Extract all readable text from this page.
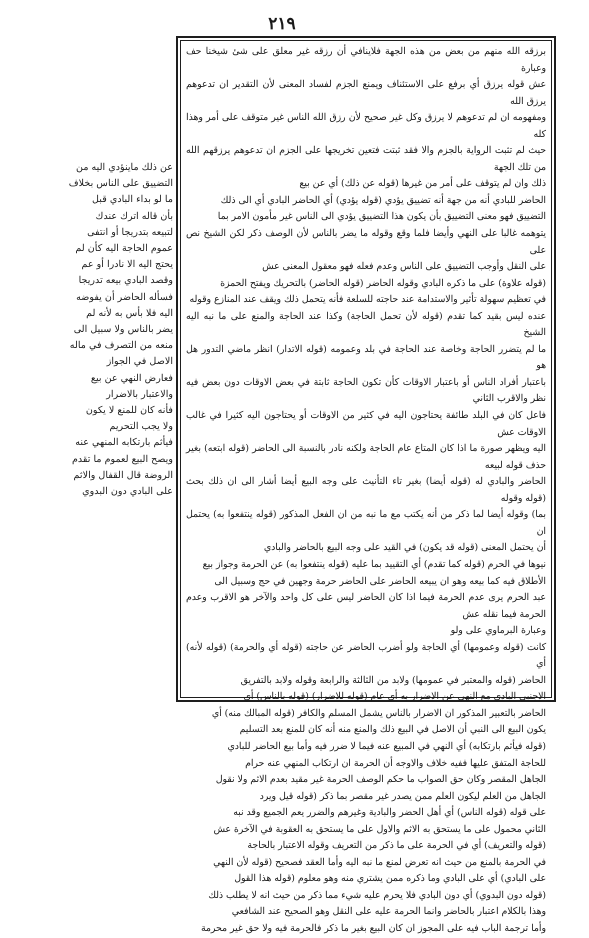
٢١٩

برزقه الله منهم من بعض من هذه الجهة فلاينافي أن رزقه غير معلق على شئ شيخنا حف وعبارة

عش قوله يرزق أي برفع على الاستئناف ويمنع الجزم لفساد المعنى لأن التقدير ان تدعوهم يرزق الله

ومفهومه ان لم تدعوهم لا يرزق وكل غير صحيح لأن رزق الله الناس غير متوقف على أمر وهذا كله

حيث لم تثبت الرواية بالجزم والا فقد ثبتت فتعين تخريجها على الجزم ان تدعوهم يرزقهم الله من تلك الجهة

ذلك وان لم يتوقف على أمر من غيرها (قوله عن ذلك) أي عن بيع

الحاضر للبادي أنه من جهة أنه تضييق يؤدي (قوله يؤدي) أي الحاضر البادي أي الى ذلك

التضييق فهو معنى التضييق بأن يكون هذا التضييق يؤدي الى الناس غير مأمون الامر بما

يتوهمه غالبا على النهي وأيضا فلما وقع وقوله ما يضر بالناس لأن الوصف ذكر لكن الشيخ نص على

على النقل وأوجب التضييق على الناس وعدم فعله فهو معقول المعنى عش

(قوله علاوة) على ما ذكره البادي وقوله الحاضر (قوله الحاضر) بالتحريك ويفتح الحمزة

في تعظيم سهولة تأثير والاستدامة عند حاجته للسلعة فأنه يتحمل ذلك ويقف عند المنازع وقوله

عنده ليس بقيد كما تقدم (قوله لأن تحمل الحاجة) وكذا عند الحاجة والمنع على ما نبه اليه الشيخ

ما لم يتضرر الحاجة وخاصة عند الحاجة في بلد وعمومه (قوله الاتدار) انظر ماضي التدور هل هو

باعتبار أفراد الناس أو باعتبار الاوقات كأن تكون الحاجة ثابتة في بعض الاوقات دون بعض فيه نظر والاقرب الثاني

فاعل كان في البلد طائفة يحتاجون اليه في كثير من الاوقات أو يحتاجون اليه كثيرا في غالب الاوقات عش

اليه ويظهر صورة ما اذا كان المتاع عام الحاجة ولكنه نادر بالنسبة الى الحاضر (قوله ابتعه) بغير حذف قوله لبيعه

الحاضر والبادي له (قوله أيضا) بغير تاء التأنيث على وجه البيع أيضا أشار الى ان ذلك بحث (قوله وقوله

بما) وقوله أيضا لما ذكر من أنه يكتب مع ما نبه من ان الفعل المذكور (قوله ينتفعوا به) يحتمل ان

أن يحتمل المعنى (قوله قد يكون) في القيد على وجه البيع بالحاضر والبادي

نيوها في الحرم (قوله كما تقدم) أي التقييد بما عليه (قوله ينتفعوا به) عن الحرمة وجواز بيع

الأطلاق فيه كما بيعه وهو ان يبيعه الحاضر على الحاضر حرمة وجهين في حج وسبيل الى

عبد الحرم يرى عدم الحرمة فيما اذا كان الحاضر ليس على كل واحد والآخر هو الاقرب وعدم الحرمة فيما نقله عش

وعبارة البرماوي على ولو

كانت (قوله وعمومها) أي الحاجة ولو أضرب الحاضر عن حاجته (قوله أي والحرمة) (قوله لأنه) أي

الحاضر (قوله والمعتبر في عمومها) ولابد من الثالثة والرابعة وقوله ولابد بالتفريق

الاجنبي البادي مع النهي عن الاضرار به أي عام (قوله للاضرار) (قوله بالناس) أي

الحاضر بالتعبير المذكور ان الاضرار بالناس يشمل المسلم والكافر (قوله المبالك منه) أي

يكون البيع الى النبي أن الاصل في البيع ذلك والمنع منه أنه كان للمنع بعد التسليم

(قوله فيأثم بارتكابه) أي النهي في المبيع عنه فيما لا ضرر فيه وأما بيع الحاضر للبادي

للحاجة المتفق عليها ففيه خلاف والاوجه أن الحرمة ان ارتكاب المنهي عنه حرام

الجاهل المقصر وكان حق الصواب ما حكم الوصف الحرمة غير مقيد بعدم الاثم ولا نقول

الجاهل من العلم ليكون العلم ممن يصدر غير مقصر بما ذكر (قوله قيل ويرد

على قوله (قوله الناس) أي أهل الحضر والبادية وغيرهم والضرر يعم الجميع وقد نبه

الثاني محمول على ما يستحق به الاثم والاول على ما يستحق به العقوبة في الآخرة عش

(قوله والتعريف) أي في الحرمة على ما ذكر من التعريف وقوله الاعتبار بالحاجة

في الحرمة بالمنع من حيث انه تعرض لمنع ما نبه اليه وأما العقد فصحيح (قوله لأن النهي

على البادي) أي على البادي وما ذكره ممن يشتري منه وهو معلوم (قوله هذا القول

(قوله دون البدوي) أي دون البادي فلا يحرم عليه شيء مما ذكر من حيث انه لا يطلب ذلك

وهذا بالكلام اعتبار بالحاضر وانما الحرمة عليه على النقل وهو الصحيح عند الشافعي

وأما ترجمة الباب فيه على المجوز ان كان البيع بغير ما ذكر فالحرمة فيه ولا حق غير محرمة

عن ذلك ماينؤدي اليه من

التضييق على الناس بخلاف

ما لو بداء البادي قبل

بأن قاله اترك عندك

لتبيعه بتدريجا أو انتفى

عموم الحاجة اليه كأن لم

يحتج اليه الا نادرا أو عم

وقصد البادي بيعه تدريجا

فسأله الحاضر أن يفوضه

اليه فلا بأس به لأنه لم

يضر بالناس ولا سبيل الى

منعه من التصرف في ماله

الاصل في الجواز

فعارض النهي عن بيع

والاعتبار بالاضرار

فأنه كان للمنع لا يكون

ولا يجب التحريم

فيأثم بارتكابه المنهي عنه

ويصح البيع لعموم ما تقدم

الروضة قال القفال والاثم

على البادي دون البدوي
